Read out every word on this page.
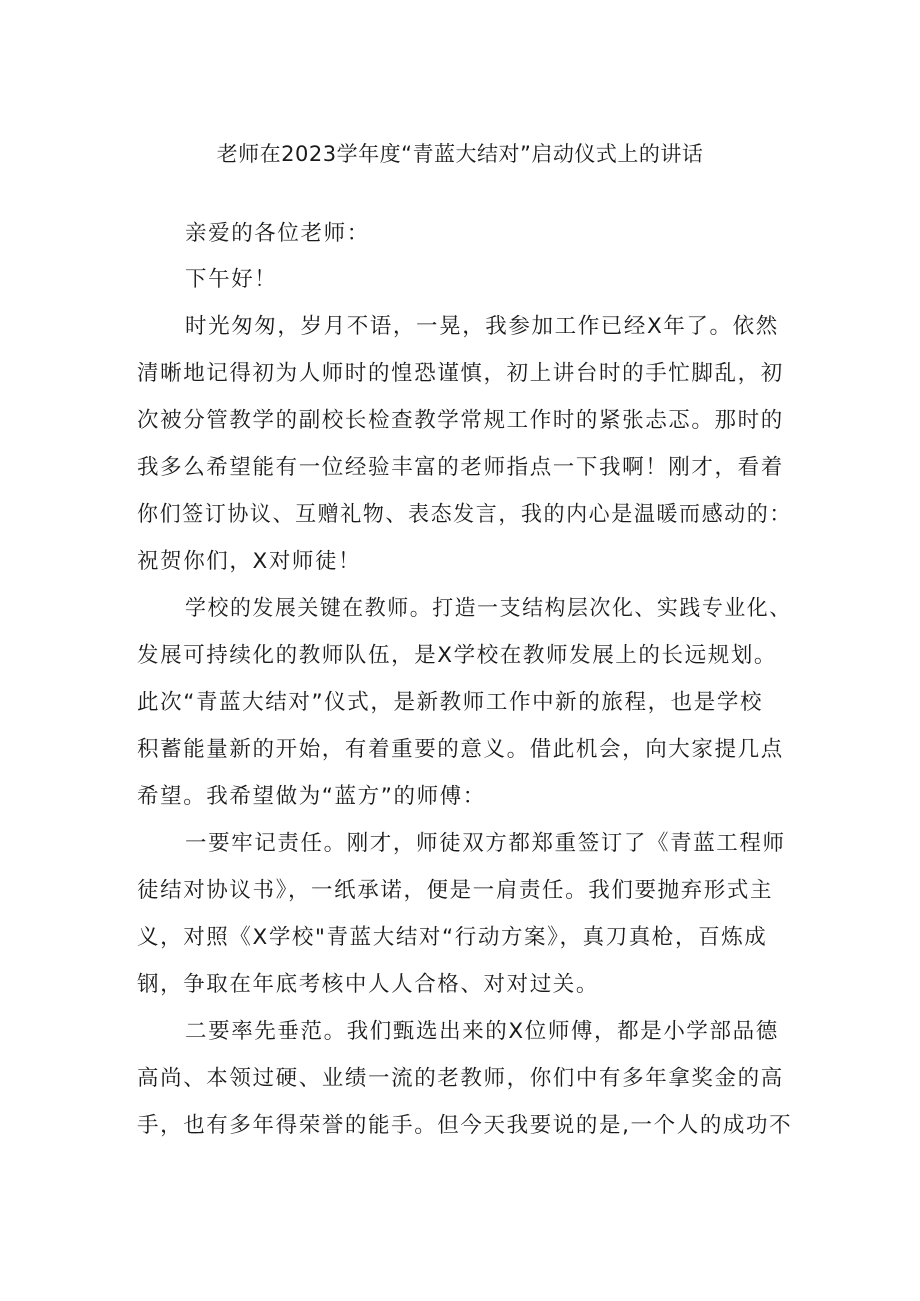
老师在2023学年度“青蓝大结对”启动仪式上的讲话
亲爱的各位老师：
下午好！
时光匆匆，岁月不语，一晃，我参加工作已经X年了。依然
清晰地记得初为人师时的惶恐谨慎，初上讲台时的手忙脚乱，初
次被分管教学的副校长检查教学常规工作时的紧张忐忑。那时的
我多么希望能有一位经验丰富的老师指点一下我啊！刚才，看着
你们签订协议、互赠礼物、表态发言，我的内心是温暖而感动的：
祝贺你们，X对师徒！
学校的发展关键在教师。打造一支结构层次化、实践专业化、
发展可持续化的教师队伍，是X学校在教师发展上的长远规划。
此次“青蓝大结对”仪式，是新教师工作中新的旅程，也是学校
积蓄能量新的开始，有着重要的意义。借此机会，向大家提几点
希望。我希望做为“蓝方”的师傅：
一要牢记责任。刚才，师徒双方都郑重签订了《青蓝工程师
徒结对协议书》，一纸承诺，便是一肩责任。我们要抛弃形式主
义，对照《X学校"青蓝大结对“行动方案》，真刀真枪，百炼成
钢，争取在年底考核中人人合格、对对过关。
二要率先垂范。我们甄选出来的X位师傅，都是小学部品德
高尚、本领过硬、业绩一流的老教师，你们中有多年拿奖金的高
手，也有多年得荣誉的能手。但今天我要说的是,一个人的成功不
